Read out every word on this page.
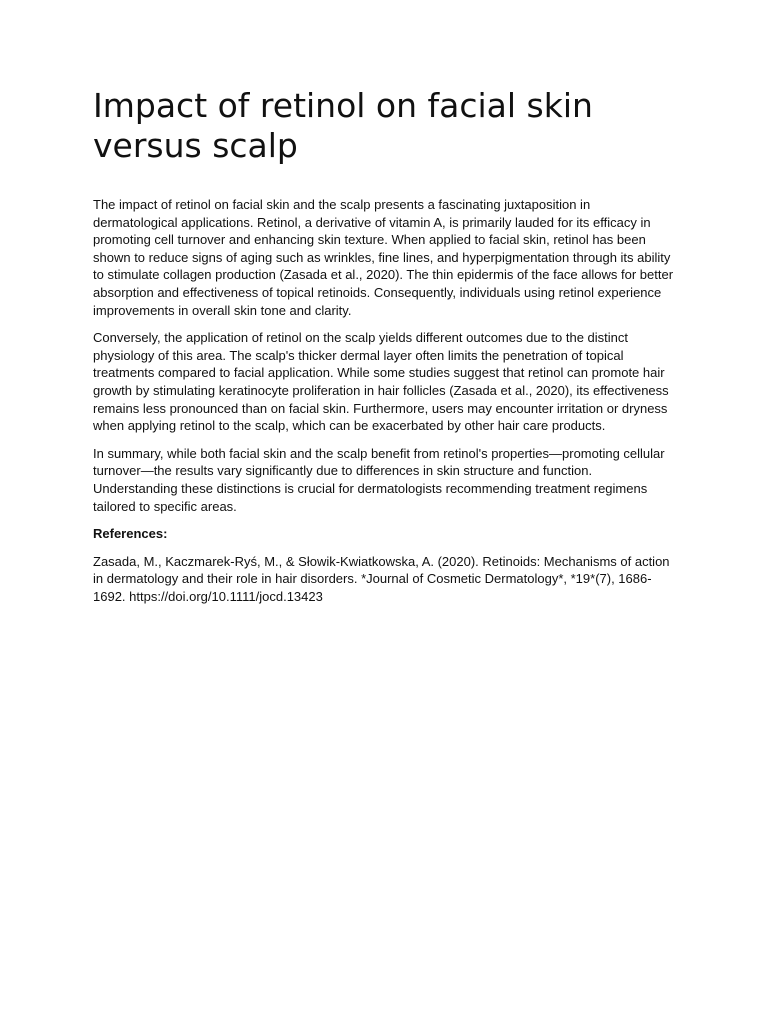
Impact of retinol on facial skin versus scalp

The impact of retinol on facial skin and the scalp presents a fascinating juxtaposition in dermatological applications. Retinol, a derivative of vitamin A, is primarily lauded for its efficacy in promoting cell turnover and enhancing skin texture. When applied to facial skin, retinol has been shown to reduce signs of aging such as wrinkles, fine lines, and hyperpigmentation through its ability to stimulate collagen production (Zasada et al., 2020). The thin epidermis of the face allows for better absorption and effectiveness of topical retinoids. Consequently, individuals using retinol experience improvements in overall skin tone and clarity.

Conversely, the application of retinol on the scalp yields different outcomes due to the distinct physiology of this area. The scalp's thicker dermal layer often limits the penetration of topical treatments compared to facial application. While some studies suggest that retinol can promote hair growth by stimulating keratinocyte proliferation in hair follicles (Zasada et al., 2020), its effectiveness remains less pronounced than on facial skin. Furthermore, users may encounter irritation or dryness when applying retinol to the scalp, which can be exacerbated by other hair care products.

In summary, while both facial skin and the scalp benefit from retinol's properties—promoting cellular turnover—the results vary significantly due to differences in skin structure and function. Understanding these distinctions is crucial for dermatologists recommending treatment regimens tailored to specific areas.

References:

Zasada, M., Kaczmarek-Ryś, M., & Słowik-Kwiatkowska, A. (2020). Retinoids: Mechanisms of action in dermatology and their role in hair disorders. *Journal of Cosmetic Dermatology*, *19*(7), 1686-1692. https://doi.org/10.1111/jocd.13423
